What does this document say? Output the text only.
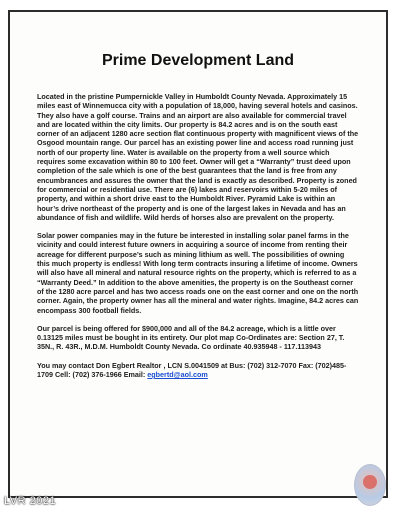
Prime Development Land

Located in the pristine Pumpernickle Valley in Humboldt County Nevada. Approximately 15 miles east of Winnemucca city with a population of 18,000, having several hotels and casinos. They also have a golf course. Trains and an airport are also available for commercial travel and are located within the city limits. Our property is 84.2 acres and is on the south east corner of an adjacent 1280 acre section flat continuous property with magnificent views of the Osgood mountain range. Our parcel has an existing power line and access road running just north of our property line. Water is available on the property from a well source which requires some excavation within 80 to 100 feet. Owner will get a “Warranty” trust deed upon completion of the sale which is one of the best guarantees that the land is free from any encumbrances and assures the owner that the land is exactly as described. Property is zoned for commercial or residential use. There are (6) lakes and reservoirs within 5-20 miles of property, and within a short drive east to the Humboldt River. Pyramid Lake is within an hour’s drive northeast of the property and is one of the largest lakes in Nevada and has an abundance of fish and wildlife. Wild herds of horses also are prevalent on the property.

Solar power companies may in the future be interested in installing solar panel farms in the vicinity and could interest future owners in acquiring a source of income from renting their acreage for different purpose’s such as mining lithium as well. The possibilities of owning this much property is endless! With long term contracts insuring a lifetime of income. Owners will also have all mineral and natural resource rights on the property, which is referred to as a “Warranty Deed.” In addition to the above amenities, the property is on the Southeast corner of the 1280 acre parcel and has two access roads one on the east corner and one on the north corner. Again, the property owner has all the mineral and water rights. Imagine, 84.2 acres can encompass 300 football fields.

Our parcel is being offered for $900,000 and all of the 84.2 acreage, which is a little over 0.13125 miles must be bought in its entirety. Our plot map Co-Ordinates are: Section 27, T. 35N., R. 43R., M.D.M. Humboldt County Nevada. Co ordinate 40.935948 - 117.113943

You may contact Don Egbert Realtor , LCN S.0041509 at Bus: (702) 312-7070 Fax: (702)485-1709 Cell: (702) 376-1966 Email: egbertd@aol.com

LVR 2021
